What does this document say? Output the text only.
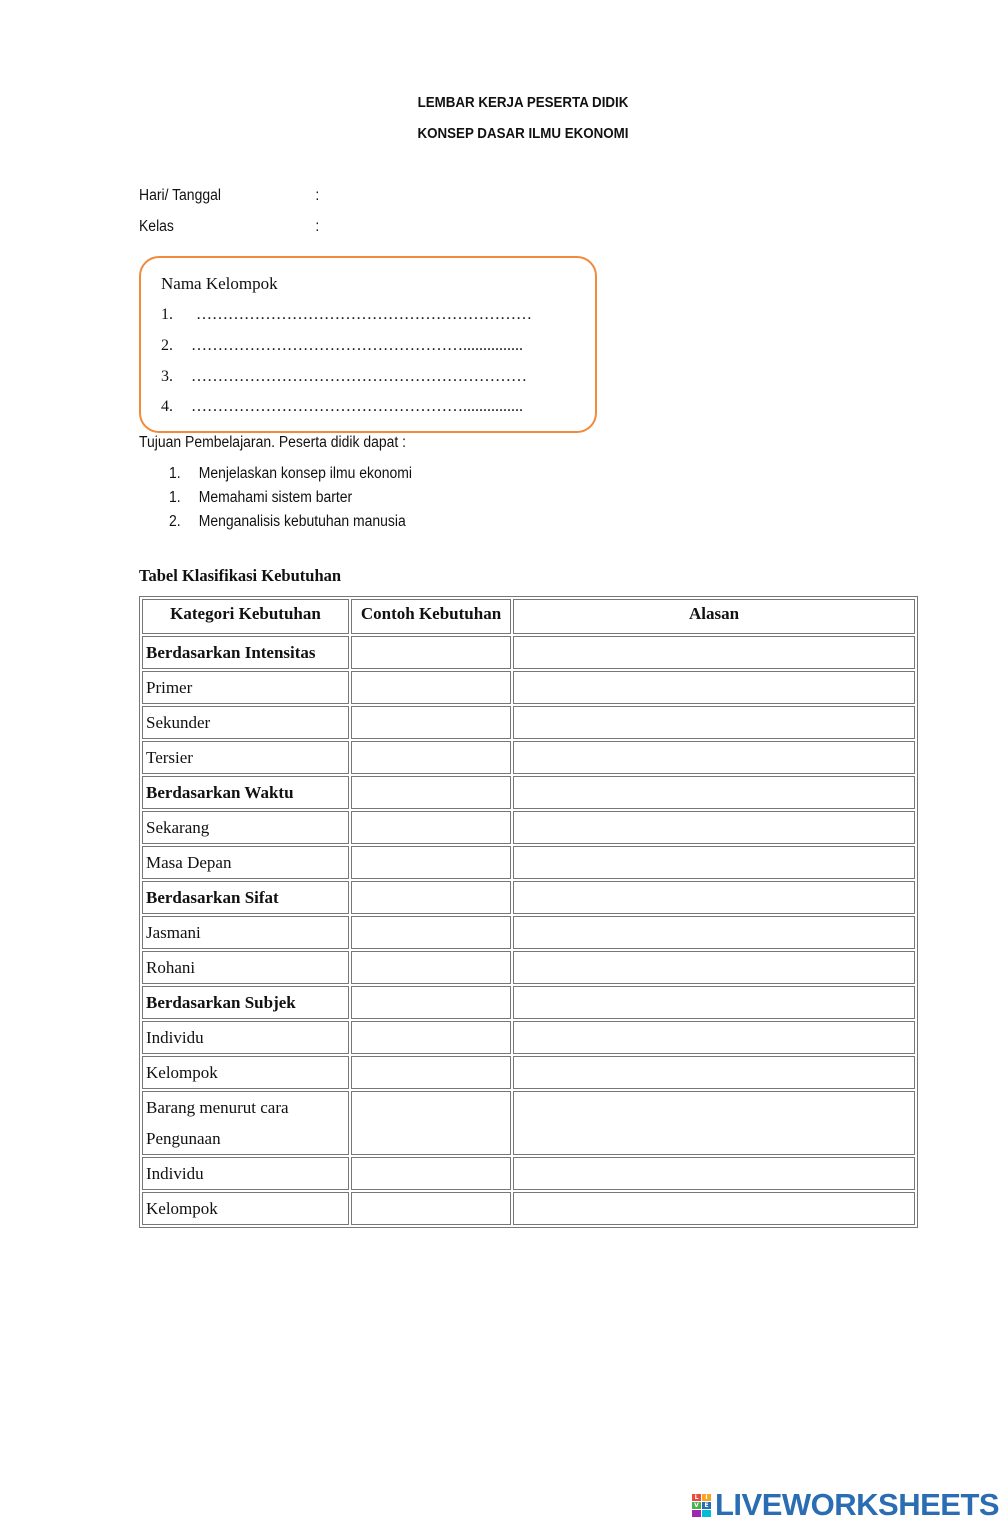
LEMBAR KERJA PESERTA DIDIK
KONSEP DASAR ILMU EKONOMI
Hari/ Tanggal	:
Kelas	:
Nama Kelompok
1. ………………………………………………………
2. ……………………………………………...............
3. ………………………………………………………
4. ……………………………………………...............
Tujuan Pembelajaran. Peserta didik dapat :
1. Menjelaskan konsep ilmu ekonomi
1. Memahami sistem barter
2. Menganalisis kebutuhan manusia
Tabel Klasifikasi Kebutuhan
Kategori Kebutuhan	Contoh Kebutuhan	Alasan
Berdasarkan Intensitas		
Primer		
Sekunder		
Tersier		
Berdasarkan Waktu		
Sekarang		
Masa Depan		
Berdasarkan Sifat		
Jasmani		
Rohani		
Berdasarkan Subjek		
Individu		
Kelompok		
Barang menurut cara Pengunaan		
Individu		
Kelompok		
L	I
V E LIVEWORKSHEETS
